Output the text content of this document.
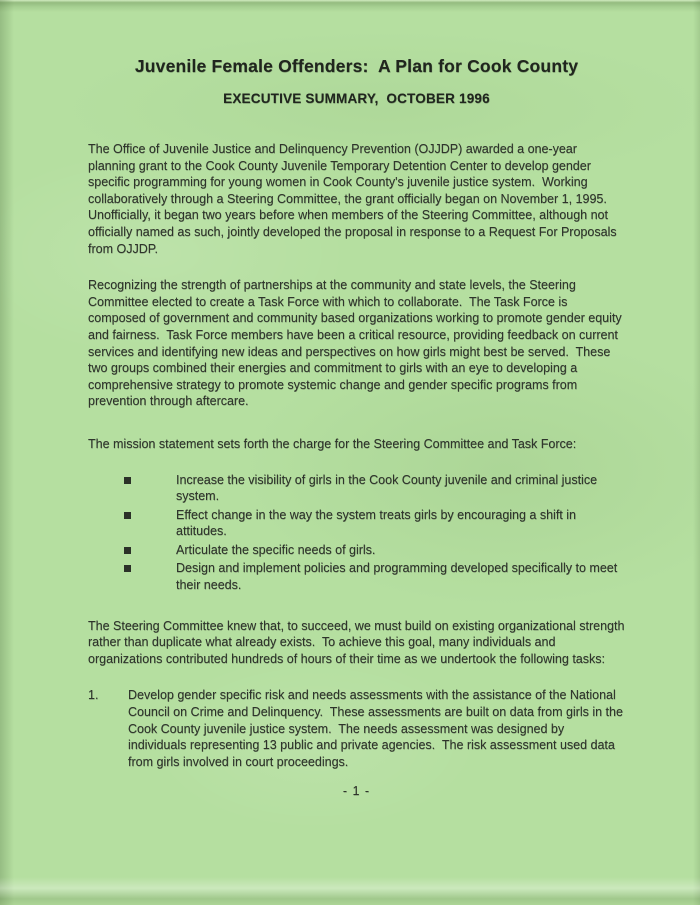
Juvenile Female Offenders:  A Plan for Cook County
EXECUTIVE SUMMARY,  OCTOBER 1996

The Office of Juvenile Justice and Delinquency Prevention (OJJDP) awarded a one-year planning grant to the Cook County Juvenile Temporary Detention Center to develop gender specific programming for young women in Cook County's juvenile justice system.  Working collaboratively through a Steering Committee, the grant officially began on November 1, 1995.  Unofficially, it began two years before when members of the Steering Committee, although not officially named as such, jointly developed the proposal in response to a Request For Proposals from OJJDP.

Recognizing the strength of partnerships at the community and state levels, the Steering Committee elected to create a Task Force with which to collaborate.  The Task Force is composed of government and community based organizations working to promote gender equity and fairness.  Task Force members have been a critical resource, providing feedback on current services and identifying new ideas and perspectives on how girls might best be served.  These two groups combined their energies and commitment to girls with an eye to developing a comprehensive strategy to promote systemic change and gender specific programs from prevention through aftercare.

The mission statement sets forth the charge for the Steering Committee and Task Force:

Increase the visibility of girls in the Cook County juvenile and criminal justice system.
Effect change in the way the system treats girls by encouraging a shift in attitudes.
Articulate the specific needs of girls.
Design and implement policies and programming developed specifically to meet their needs.

The Steering Committee knew that, to succeed, we must build on existing organizational strength rather than duplicate what already exists.  To achieve this goal, many individuals and organizations contributed hundreds of hours of their time as we undertook the following tasks:

1.	Develop gender specific risk and needs assessments with the assistance of the National Council on Crime and Delinquency.  These assessments are built on data from girls in the Cook County juvenile justice system.  The needs assessment was designed by individuals representing 13 public and private agencies.  The risk assessment used data from girls involved in court proceedings.
- 1 -
